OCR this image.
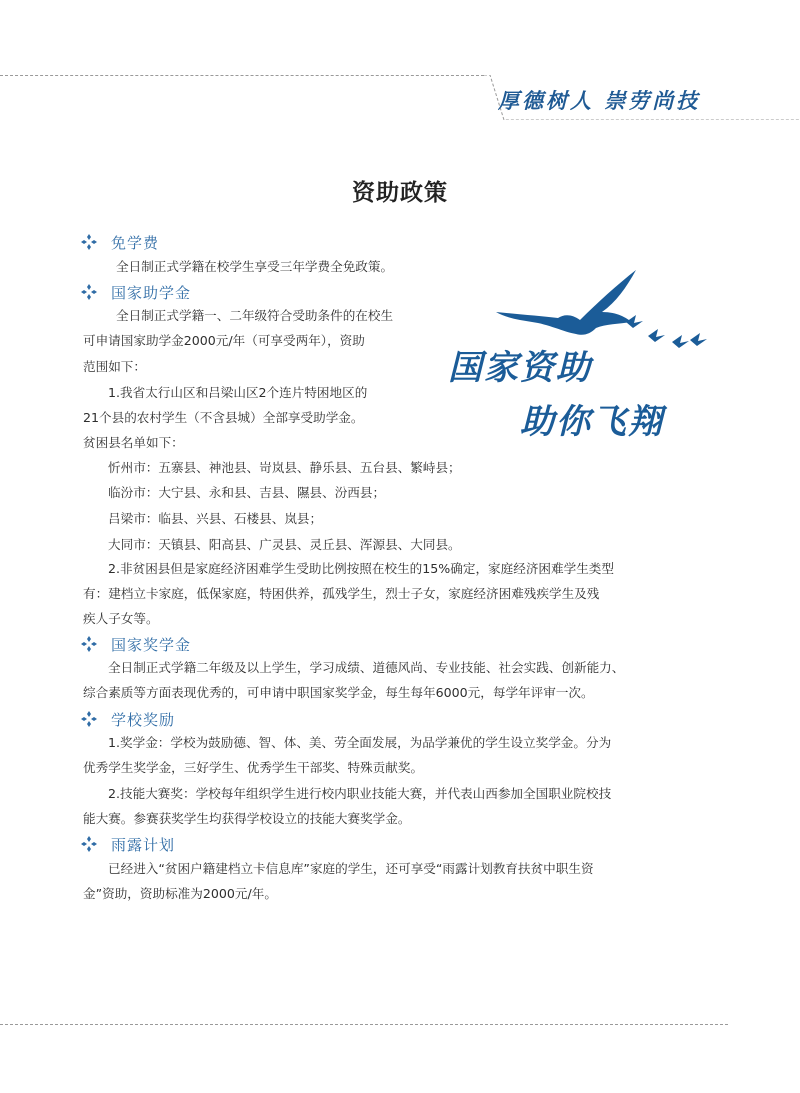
厚德树人 崇劳尚技
资助政策
国家资助
助你飞翔
免学费
全日制正式学籍在校学生享受三年学费全免政策。
国家助学金
全日制正式学籍一、二年级符合受助条件的在校生
可申请国家助学金2000元/年（可享受两年），资助
范围如下：
1.我省太行山区和吕梁山区2个连片特困地区的
21个县的农村学生（不含县城）全部享受助学金。
贫困县名单如下：
忻州市：五寨县、神池县、岢岚县、静乐县、五台县、繁峙县；
临汾市：大宁县、永和县、吉县、隰县、汾西县；
吕梁市：临县、兴县、石楼县、岚县；
大同市：天镇县、阳高县、广灵县、灵丘县、浑源县、大同县。
2.非贫困县但是家庭经济困难学生受助比例按照在校生的15%确定，家庭经济困难学生类型
有：建档立卡家庭，低保家庭，特困供养，孤残学生，烈士子女，家庭经济困难残疾学生及残
疾人子女等。
国家奖学金
全日制正式学籍二年级及以上学生，学习成绩、道德风尚、专业技能、社会实践、创新能力、
综合素质等方面表现优秀的，可申请中职国家奖学金，每生每年6000元，每学年评审一次。
学校奖励
1.奖学金：学校为鼓励德、智、体、美、劳全面发展，为品学兼优的学生设立奖学金。分为
优秀学生奖学金，三好学生、优秀学生干部奖、特殊贡献奖。
2.技能大赛奖：学校每年组织学生进行校内职业技能大赛，并代表山西参加全国职业院校技
能大赛。参赛获奖学生均获得学校设立的技能大赛奖学金。
雨露计划
已经进入“贫困户籍建档立卡信息库”家庭的学生，还可享受“雨露计划教育扶贫中职生资
金”资助，资助标准为2000元/年。
